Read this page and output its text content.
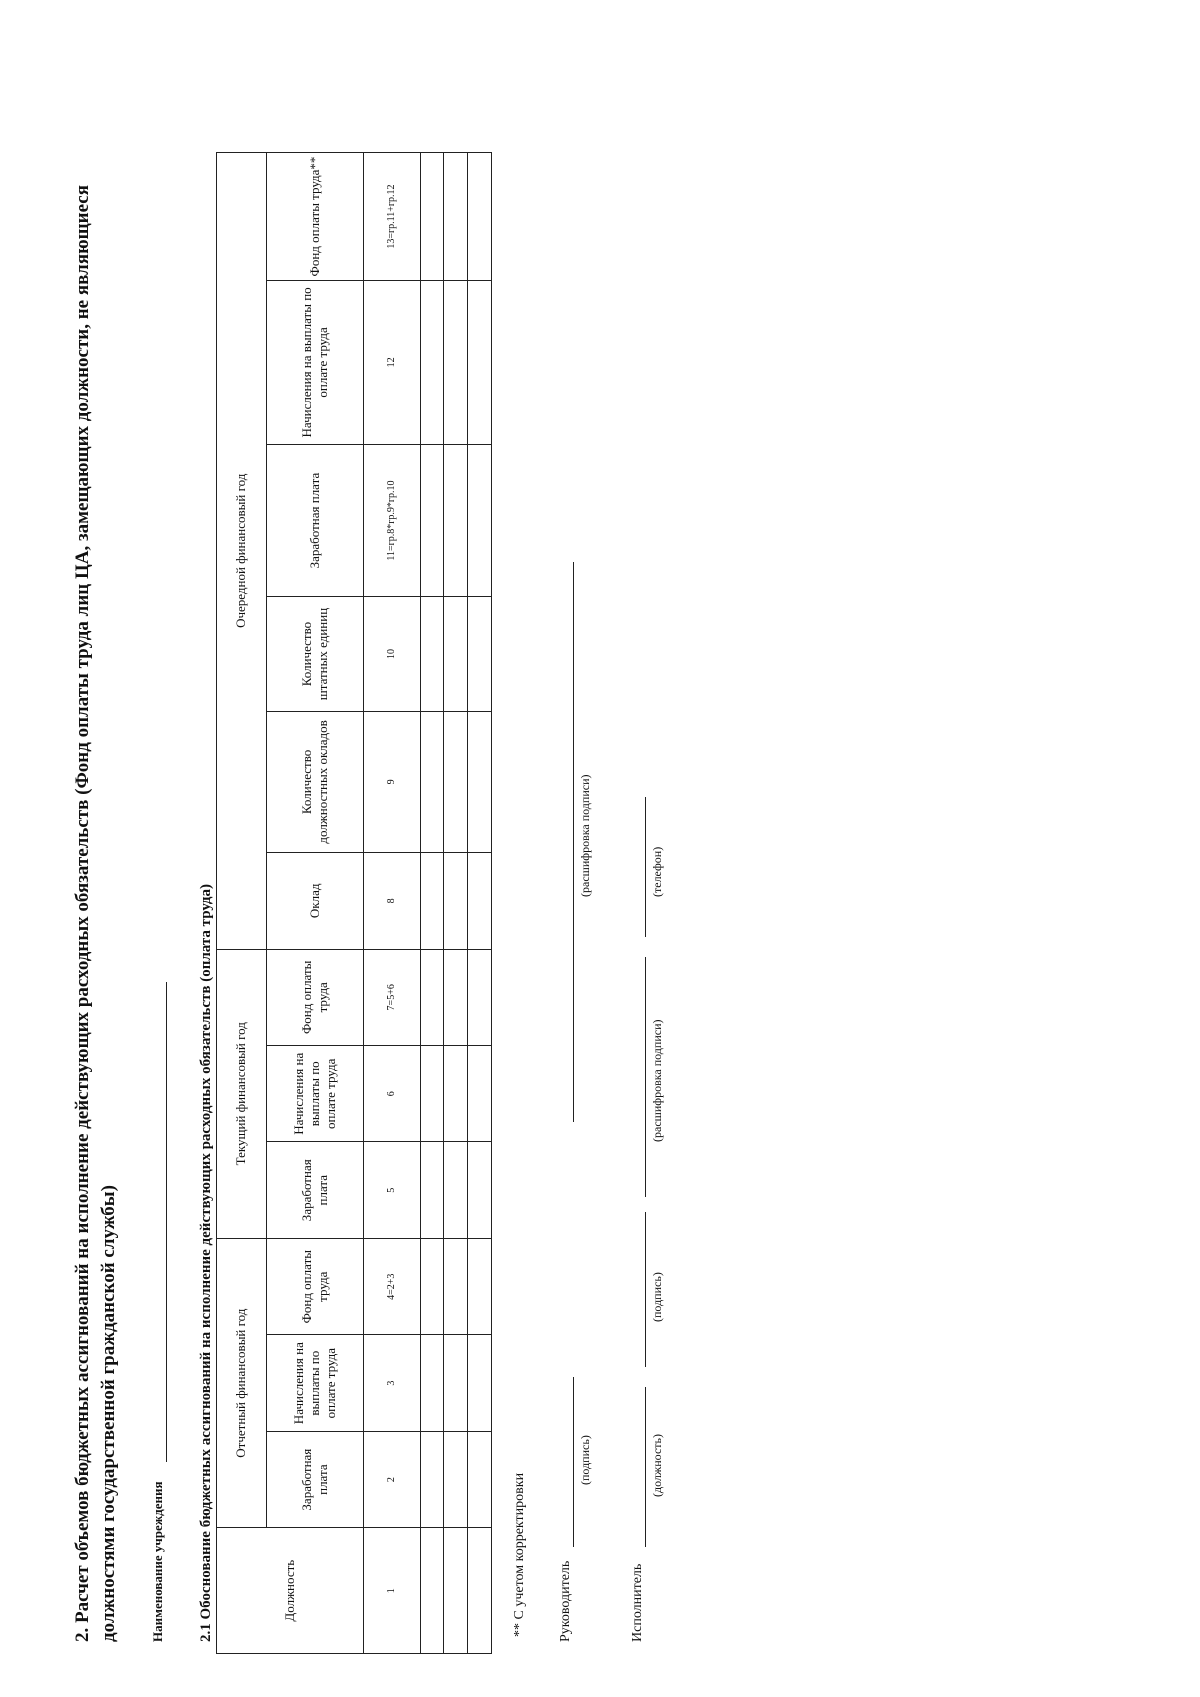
2. Расчет объемов бюджетных ассигнований на исполнение действующих расходных обязательств (Фонд оплаты труда лиц ЦА, замещающих должности, не являющиеся должностями государственной гражданской службы) Наименование учреждения 2.1 Обоснование бюджетных ассигнований на исполнение действующих расходных обязательств (оплата труда)	Должность	Отчетный финансовый год			Текущий финансовый год			Очередной финансовый год					
	Заработная плата	Начисления на выплаты по оплате труда	Фонд оплаты труда	Заработная плата	Начисления на выплаты по оплате труда	Фонд оплаты труда	Оклад	Количество должностных окладов	Количество штатных единиц	Заработная плата	Начисления на выплаты по оплате труда	Фонд оплаты труда**
1	2	3	4=2+3	5	6	7=5+6	8	9	10	11=гр.8*гр.9*гр.10	12	13=гр.11+гр.12

** С учетом корректировки Руководитель
(подпись)
(расшифровка подписи)
Исполнитель
(должность)
(подпись)
(расшифровка подписи)
(телефон)
